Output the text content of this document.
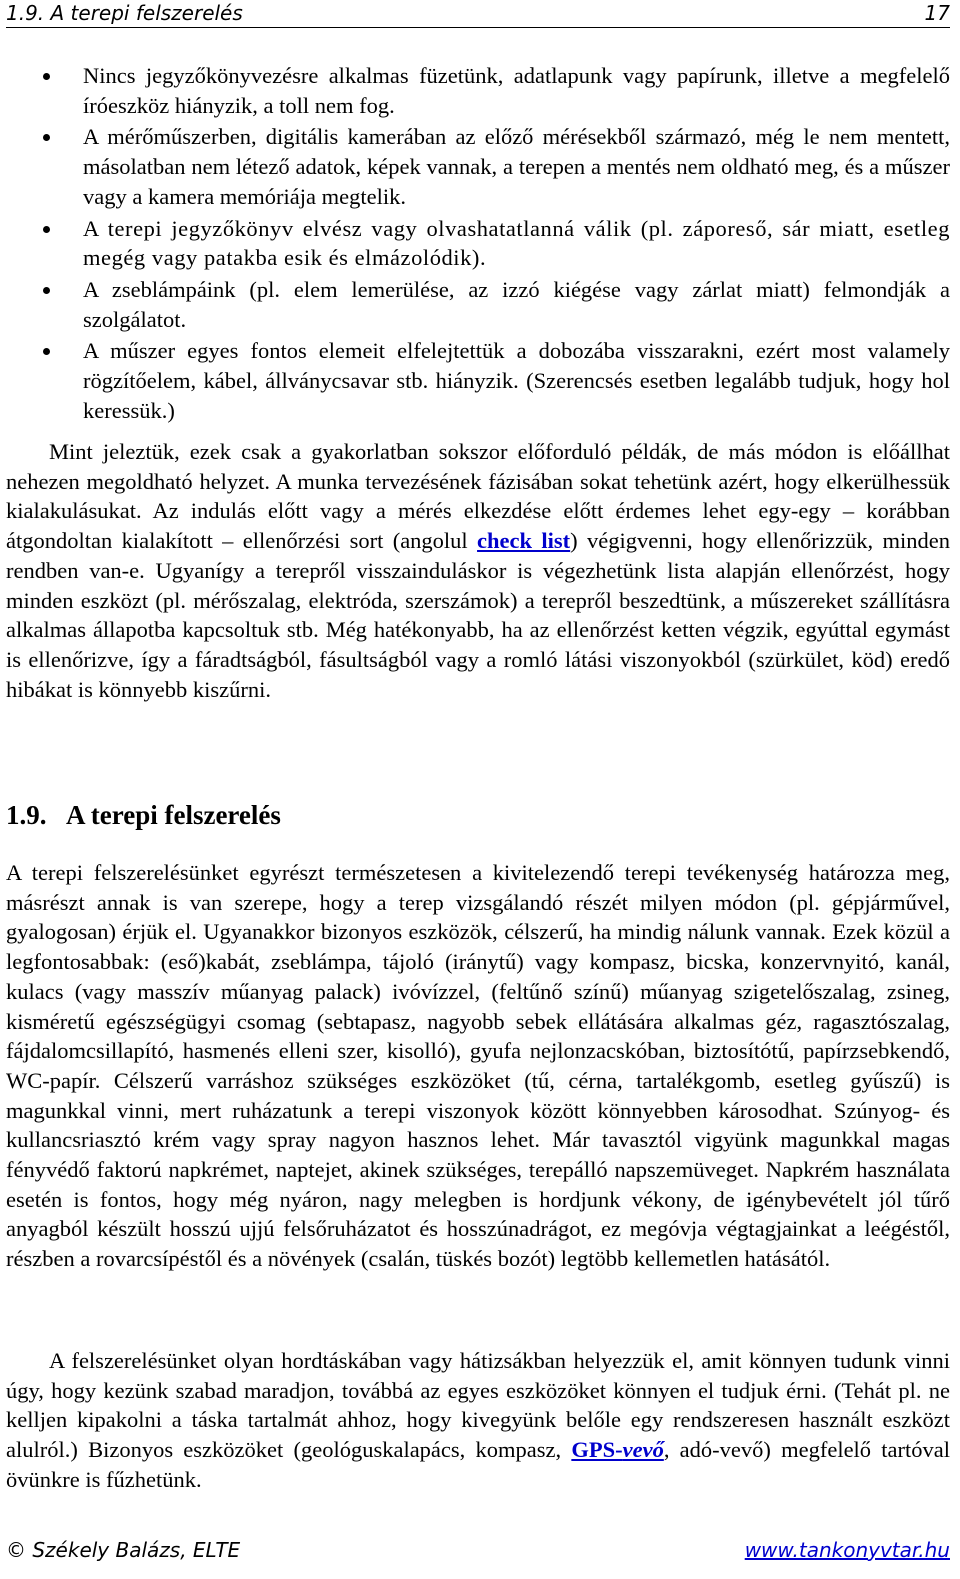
1.9. A terepi felszerelés	17
Nincs jegyzőkönyvezésre alkalmas füzetünk, adatlapunk vagy papírunk, illetve a megfelelő íróeszköz hiányzik, a toll nem fog.
A mérőműszerben, digitális kamerában az előző mérésekből származó, még le nem mentett, másolatban nem létező adatok, képek vannak, a terepen a mentés nem oldható meg, és a műszer vagy a kamera memóriája megtelik.
A terepi jegyzőkönyv elvész vagy olvashatatlanná válik (pl. záporeső, sár miatt, esetleg megég vagy patakba esik és elmázolódik).
A zseblámpáink (pl. elem lemerülése, az izzó kiégése vagy zárlat miatt) felmondják a szolgálatot.
A műszer egyes fontos elemeit elfelejtettük a dobozába visszarakni, ezért most valamely rögzítőelem, kábel, állványcsavar stb. hiányzik. (Szerencsés esetben legalább tudjuk, hogy hol keressük.)

Mint jeleztük, ezek csak a gyakorlatban sokszor előforduló példák, de más módon is előállhat nehezen megoldható helyzet. A munka tervezésének fázisában sokat tehetünk azért, hogy elkerülhessük kialakulásukat. Az indulás előtt vagy a mérés elkezdése előtt érdemes lehet egy-egy – korábban átgondoltan kialakított – ellenőrzési sort (angolul check list) végigvenni, hogy ellenőrizzük, minden rendben van-e. Ugyanígy a terepről visszainduláskor is végezhetünk lista alapján ellenőrzést, hogy minden eszközt (pl. mérőszalag, elektróda, szerszámok) a terepről beszedtünk, a műszereket szállításra alkalmas állapotba kapcsoltuk stb. Még hatékonyabb, ha az ellenőrzést ketten végzik, egyúttal egymást is ellenőrizve, így a fáradtságból, fásultságból vagy a romló látási viszonyokból (szürkület, köd) eredő hibákat is könnyebb kiszűrni.

1.9. A terepi felszerelés

A terepi felszerelésünket egyrészt természetesen a kivitelezendő terepi tevékenység határozza meg, másrészt annak is van szerepe, hogy a terep vizsgálandó részét milyen módon (pl. gépjárművel, gyalogosan) érjük el. Ugyanakkor bizonyos eszközök, célszerű, ha mindig nálunk vannak. Ezek közül a legfontosabbak: (eső)kabát, zseblámpa, tájoló (iránytű) vagy kompasz, bicska, konzervnyitó, kanál, kulacs (vagy masszív műanyag palack) ivóvízzel, (feltűnő színű) műanyag szigetelőszalag, zsineg, kisméretű egészségügyi csomag (sebtapasz, nagyobb sebek ellátására alkalmas géz, ragasztószalag, fájdalomcsillapító, hasmenés elleni szer, kisolló), gyufa nejlonzacskóban, biztosítótű, papírzsebkendő, WC-papír. Célszerű varráshoz szükséges eszközöket (tű, cérna, tartalékgomb, esetleg gyűszű) is magunkkal vinni, mert ruházatunk a terepi viszonyok között könnyebben károsodhat. Szúnyog- és kullancsriasztó krém vagy spray nagyon hasznos lehet. Már tavasztól vigyünk magunkkal magas fényvédő faktorú napkrémet, naptejet, akinek szükséges, terepálló napszemüveget. Napkrém használata esetén is fontos, hogy még nyáron, nagy melegben is hordjunk vékony, de igénybevételt jól tűrő anyagból készült hosszú ujjú felsőruházatot és hosszúnadrágot, ez megóvja végtagjainkat a leégéstől, részben a rovarcsípéstől és a növények (csalán, tüskés bozót) legtöbb kellemetlen hatásától.

A felszerelésünket olyan hordtáskában vagy hátizsákban helyezzük el, amit könnyen tudunk vinni úgy, hogy kezünk szabad maradjon, továbbá az egyes eszközöket könnyen el tudjuk érni. (Tehát pl. ne kelljen kipakolni a táska tartalmát ahhoz, hogy kivegyünk belőle egy rendszeresen használt eszközt alulról.) Bizonyos eszközöket (geológuskalapács, kompasz, GPS-vevő, adó-vevő) megfelelő tartóval övünkre is fűzhetünk.

© Székely Balázs, ELTE	www.tankonyvtar.hu
